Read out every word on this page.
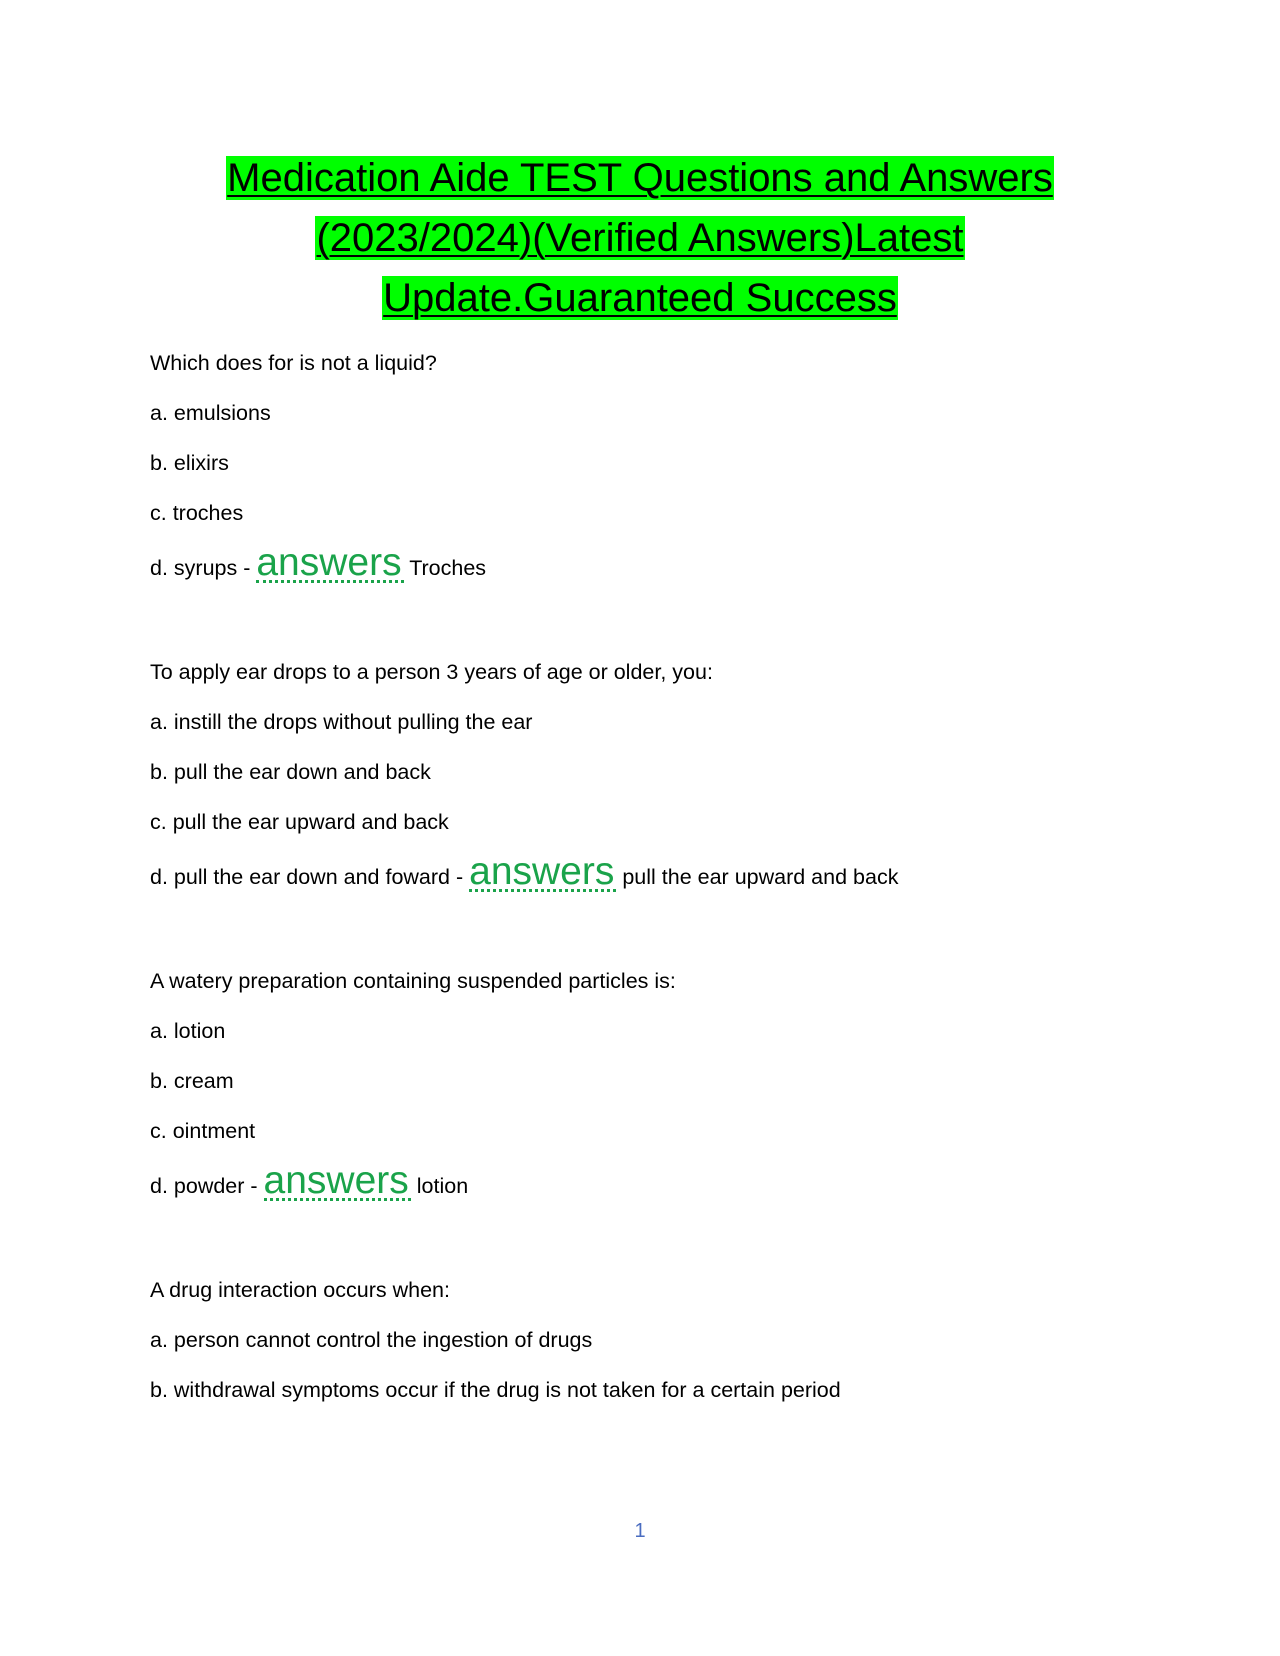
Medication Aide TEST Questions and Answers
(2023/2024)(Verified Answers)Latest
Update.Guaranteed Success
Which does for is not a liquid?
a. emulsions
b. elixirs
c. troches
d. syrups - answers Troches
To apply ear drops to a person 3 years of age or older, you:
a. instill the drops without pulling the ear
b. pull the ear down and back
c. pull the ear upward and back
d. pull the ear down and foward - answers pull the ear upward and back
A watery preparation containing suspended particles is:
a. lotion
b. cream
c. ointment
d. powder - answers lotion
A drug interaction occurs when:
a. person cannot control the ingestion of drugs
b. withdrawal symptoms occur if the drug is not taken for a certain period
1
